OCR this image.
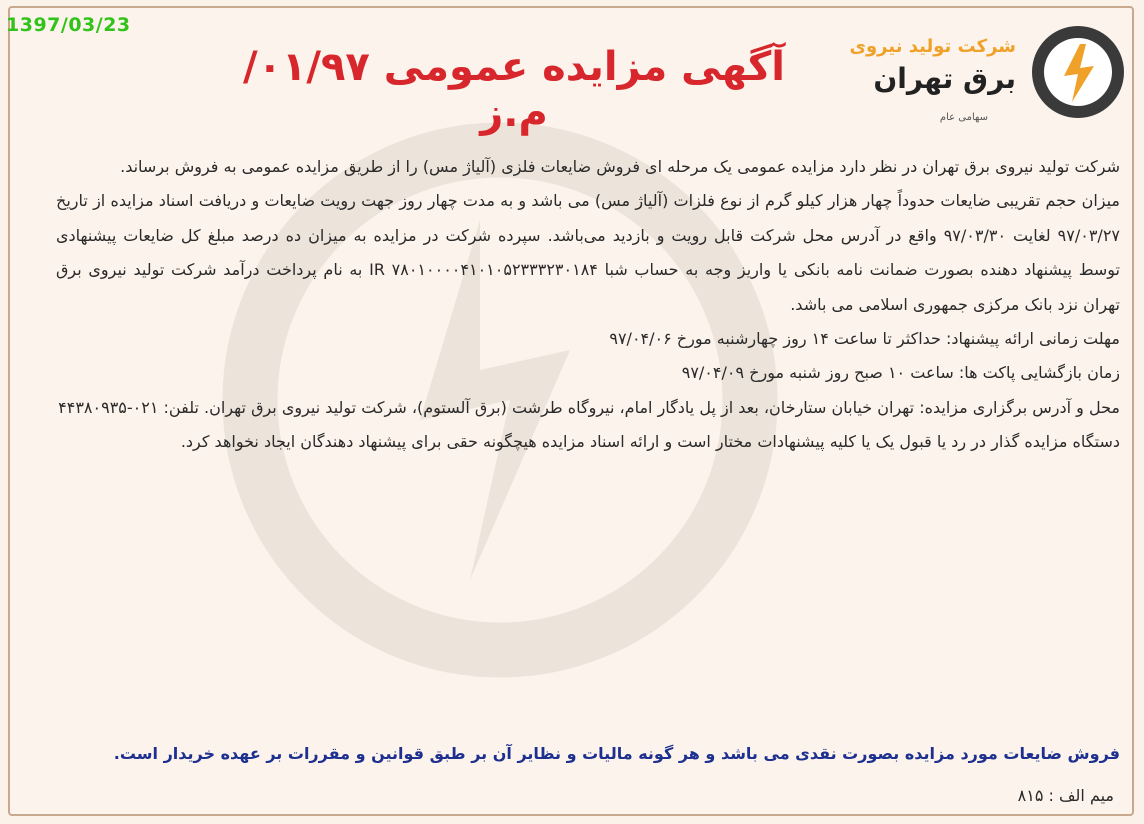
1397/03/23
شرکت تولید نیروی
برق تهران
سهامی عام
آگهی مزایده عمومی ۰۱/۹۷/م.ز

شرکت تولید نیروی برق تهران در نظر دارد مزایده عمومی یک مرحله ای فروش ضایعات فلزی (آلیاژ مس) را از طریق مزایده عمومی به فروش برساند.

میزان حجم تقریبی ضایعات حدوداً چهار هزار کیلو گرم از نوع فلزات (آلیاژ مس) می باشد و به مدت چهار روز جهت رویت ضایعات و دریافت اسناد مزایده از تاریخ ۹۷/۰۳/۲۷ لغایت ۹۷/۰۳/۳۰ واقع در آدرس محل شرکت قابل رویت و بازدید می‌باشد. سپرده شرکت در مزایده به میزان ده درصد مبلغ کل ضایعات پیشنهادی توسط پیشنهاد دهنده بصورت ضمانت نامه بانکی یا واریز وجه به حساب شبا IR ۷۸۰۱۰۰۰۰۴۱۰۱۰۵۲۳۳۳۲۳۰۱۸۴ به نام پرداخت درآمد شرکت تولید نیروی برق تهران نزد بانک مرکزی جمهوری اسلامی می باشد.

مهلت زمانی ارائه پیشنهاد: حداکثر تا ساعت ۱۴ روز چهارشنبه مورخ ۹۷/۰۴/۰۶

زمان بازگشایی پاکت ها: ساعت ۱۰ صبح روز شنبه مورخ ۹۷/۰۴/۰۹

محل و آدرس برگزاری مزایده: تهران خیابان ستارخان، بعد از پل یادگار امام، نیروگاه طرشت (برق آلستوم)، شرکت تولید نیروی برق تهران. تلفن: ۰۲۱-۴۴۳۸۰۹۳۵

دستگاه مزایده گذار در رد یا قبول یک یا کلیه پیشنهادات مختار است و ارائه اسناد مزایده هیچگونه حقی برای پیشنهاد دهندگان ایجاد نخواهد کرد.

فروش ضایعات مورد مزایده بصورت نقدی می باشد و هر گونه مالیات و نظایر آن بر طبق قوانین و مقررات بر عهده خریدار است.
میم الف : ۸۱۵
